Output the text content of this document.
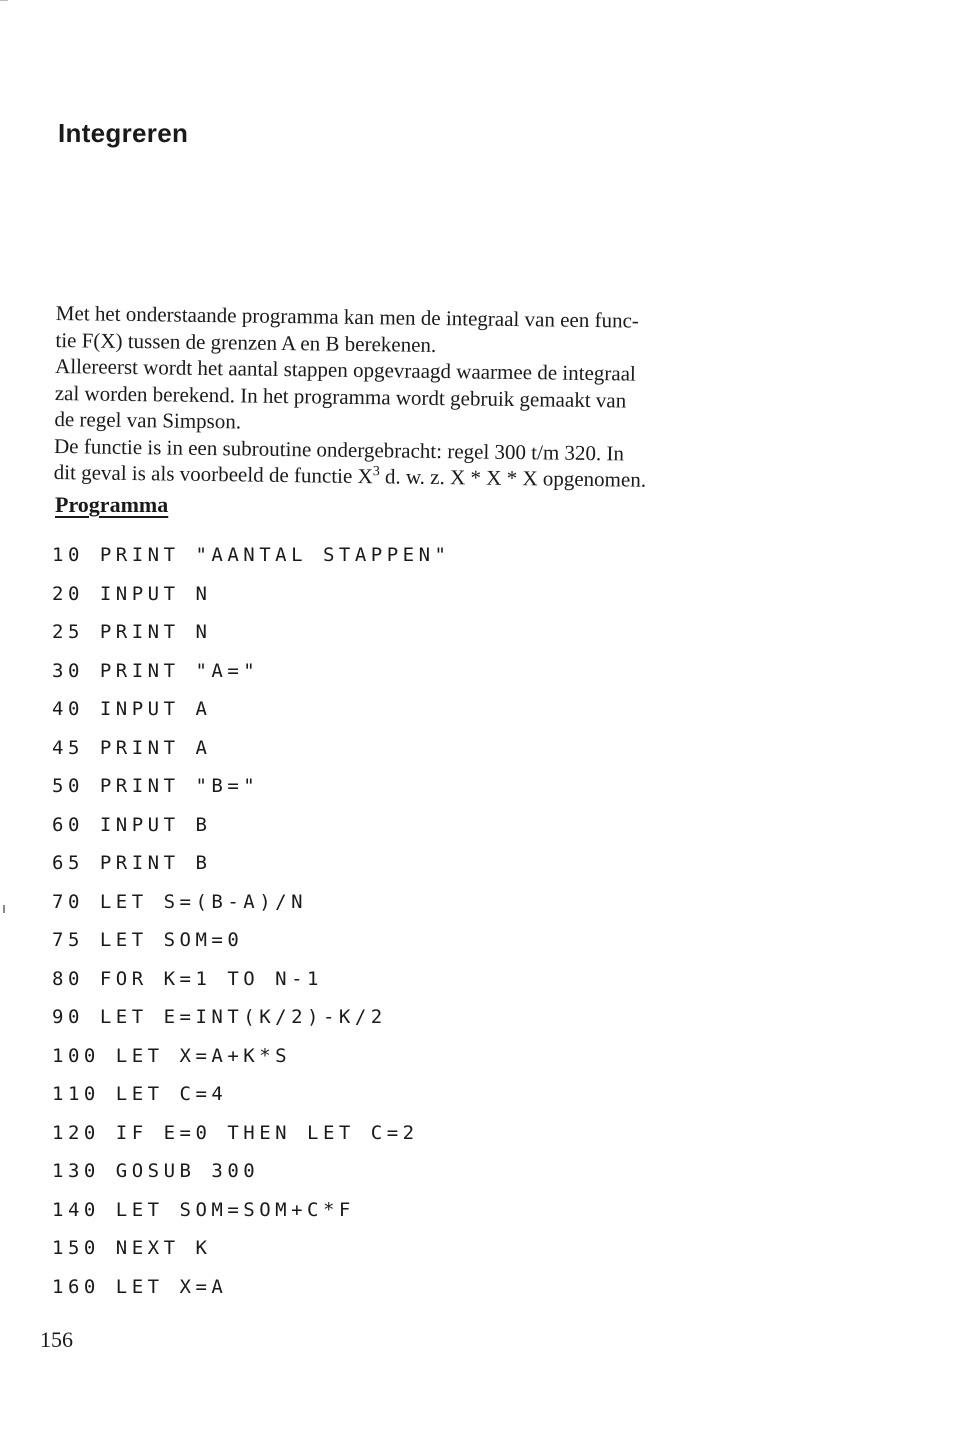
Integreren

Met het onderstaande programma kan men de integraal van een func-

tie F(X) tussen de grenzen A en B berekenen.

Allereerst wordt het aantal stappen opgevraagd waarmee de integraal

zal worden berekend. In het programma wordt gebruik gemaakt van

de regel van Simpson.

De functie is in een subroutine ondergebracht: regel 300 t/m 320. In

dit geval is als voorbeeld de functie $X^3$ d. w. z. X * X * X opgenomen.

Programma
10 PRINT "AANTAL STAPPEN"
20 INPUT N
25 PRINT N
30 PRINT "A="
40 INPUT A
45 PRINT A
50 PRINT "B="
60 INPUT B
65 PRINT B
70 LET S=(B-A)/N
75 LET SOM=0
80 FOR K=1 TO N-1
90 LET E=INT(K/2)-K/2
100 LET X=A+K*S
110 LET C=4
120 IF E=0 THEN LET C=2
130 GOSUB 300
140 LET SOM=SOM+C*F
150 NEXT K
160 LET X=A
156
